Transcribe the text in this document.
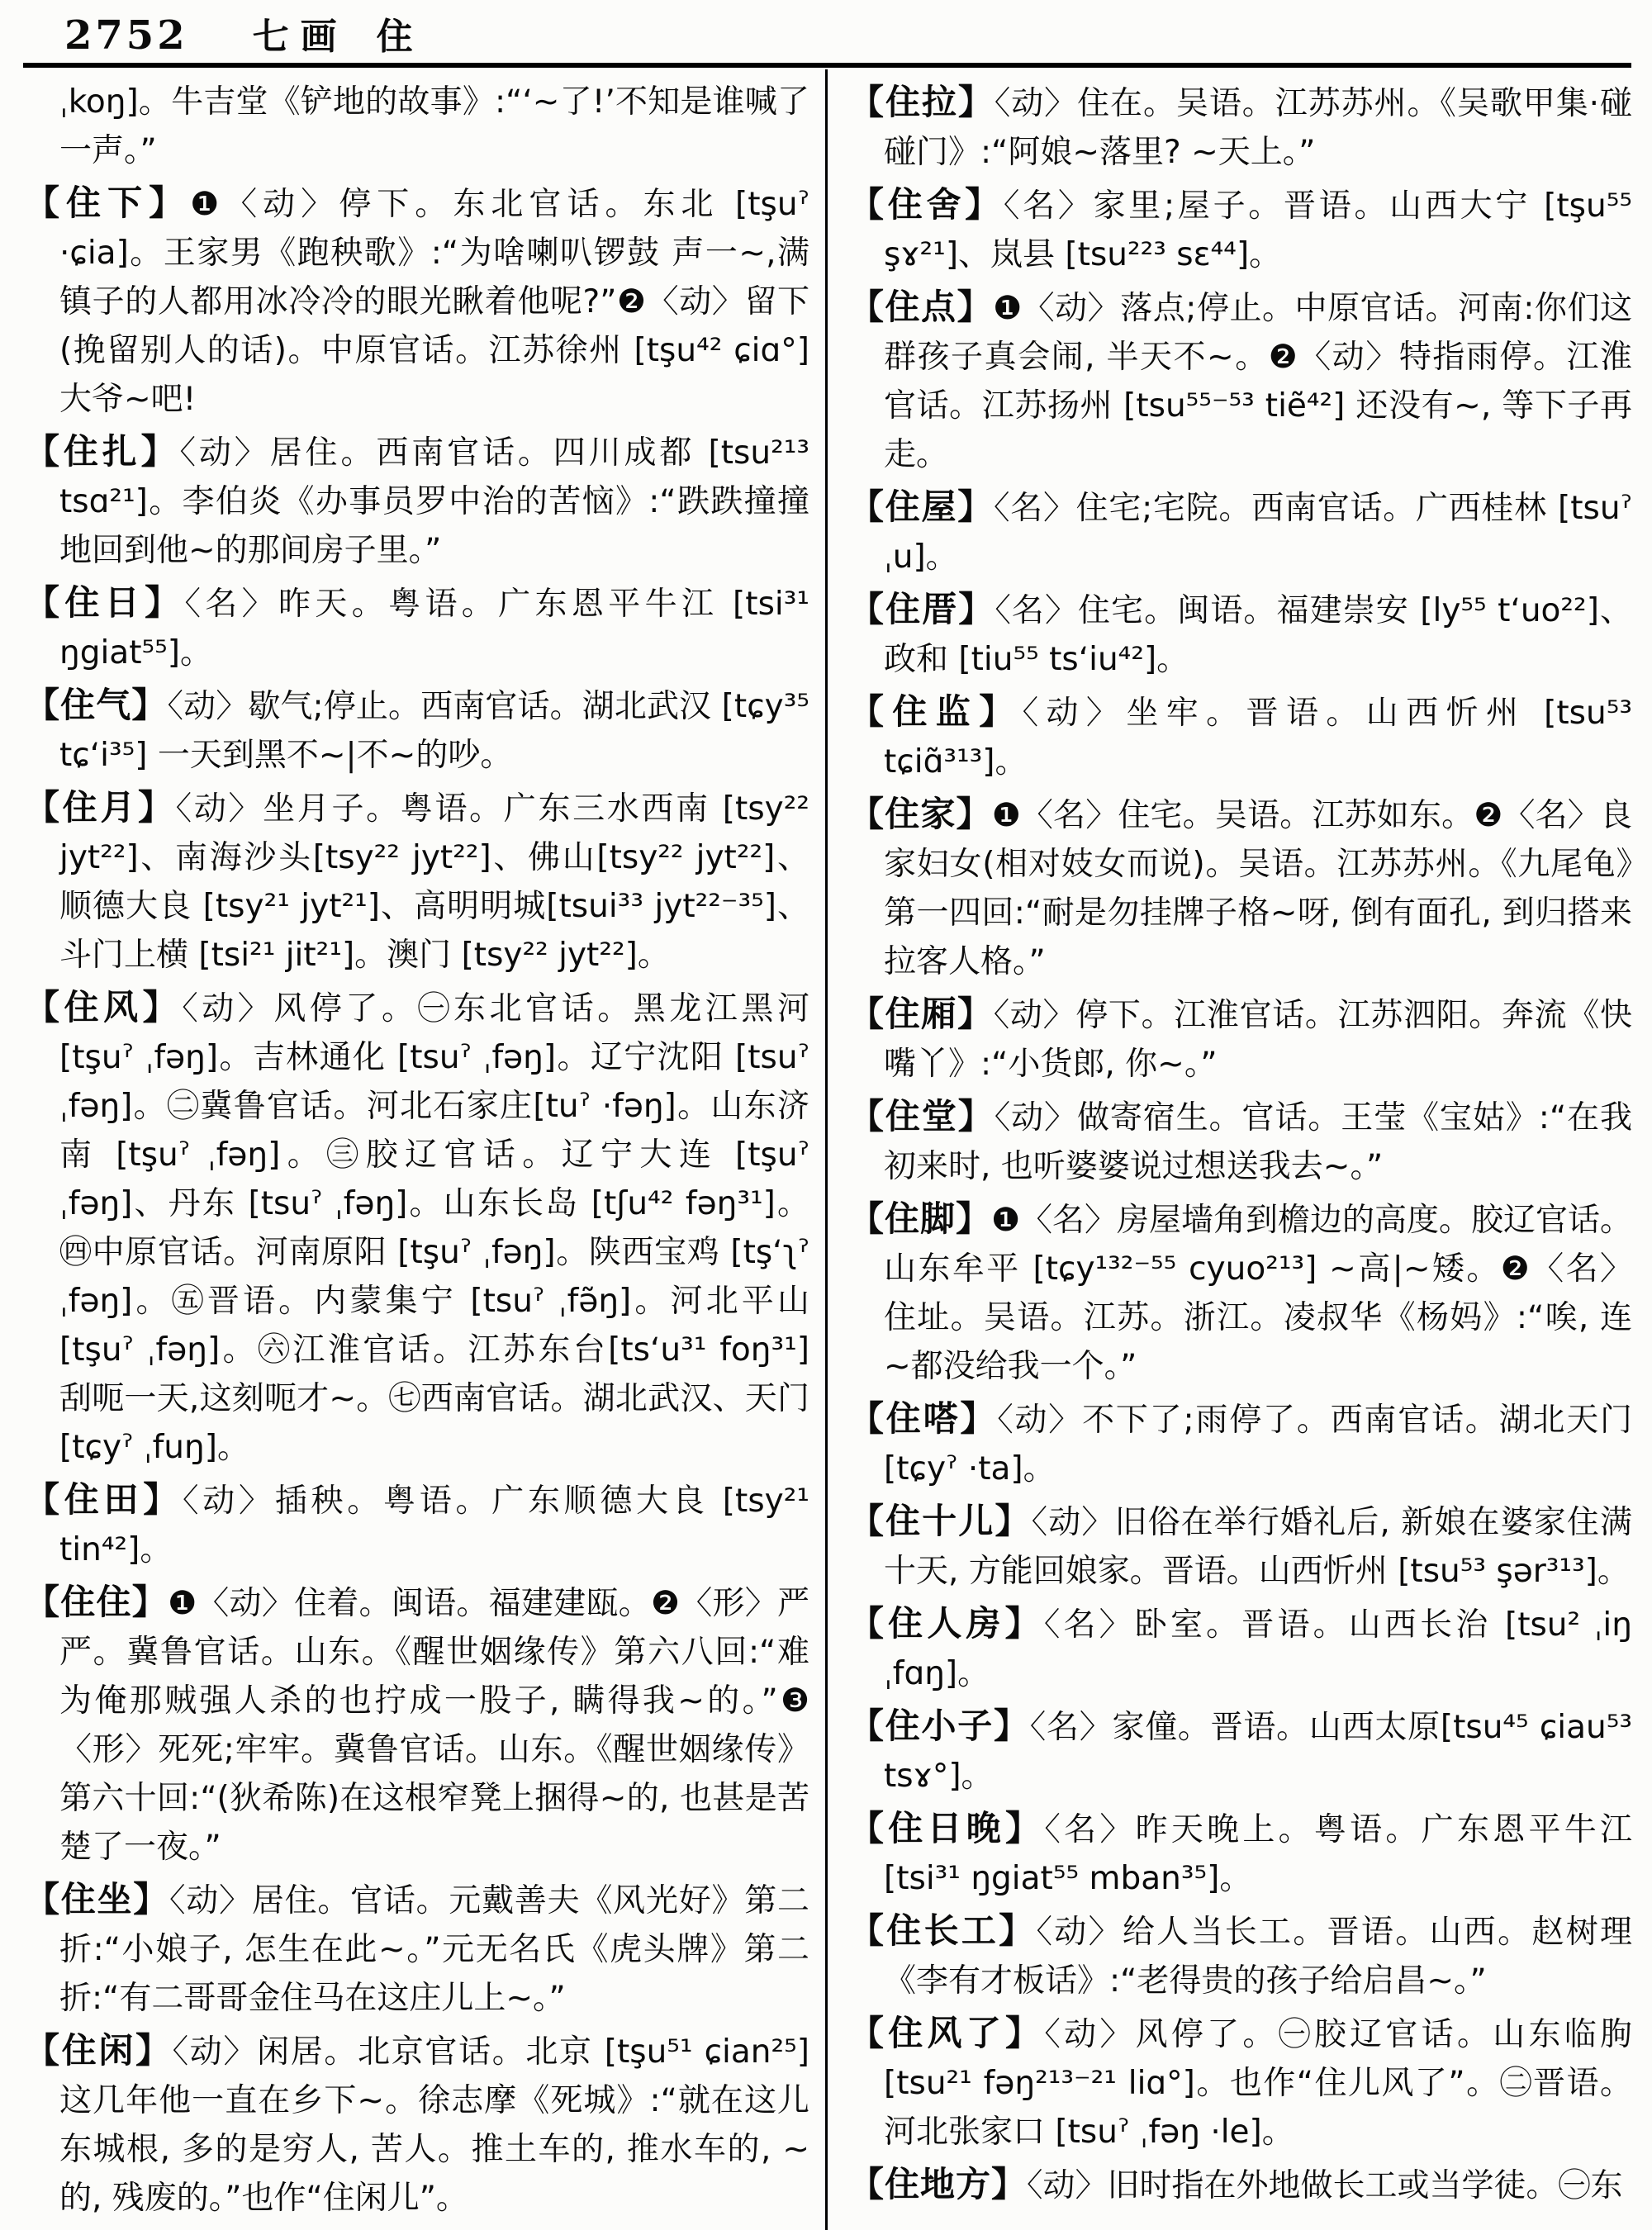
2752 七画 住

ˌkoŋ]。牛吉堂《铲地的故事》:“‘~了!’不知是谁喊了一声。”

【住下】❶〈动〉停下。东北官话。东北 [tşuˀ ·ɕia]。王家男《跑秧歌》:“为啥喇叭锣鼓 声一~,满镇子的人都用冰冷冷的眼光瞅着他呢?”❷〈动〉留下(挽留别人的话)。中原官话。江苏徐州 [tşu⁴² ɕiɑ°] 大爷~吧!

【住扎】〈动〉居住。西南官话。四川成都 [tsu²¹³ tsɑ²¹]。李伯炎《办事员罗中治的苦恼》:“跌跌撞撞地回到他~的那间房子里。”

【住日】〈名〉昨天。粤语。广东恩平牛江 [tsi³¹ ŋgiat⁵⁵]。

【住气】〈动〉歇气;停止。西南官话。湖北武汉 [tɕy³⁵ tɕ‘i³⁵] 一天到黑不~|不~的吵。

【住月】〈动〉坐月子。粤语。广东三水西南 [tsy²² jyt²²]、南海沙头[tsy²² jyt²²]、佛山[tsy²² jyt²²]、顺德大良 [tsy²¹ jyt²¹]、高明明城[tsui³³ jyt²²⁻³⁵]、斗门上横 [tsi²¹ jit²¹]。澳门 [tsy²² jyt²²]。

【住风】〈动〉风停了。㊀东北官话。黑龙江黑河 [tşuˀ ˌfəŋ]。吉林通化 [tsuˀ ˌfəŋ]。辽宁沈阳 [tsuˀ ˌfəŋ]。㊁冀鲁官话。河北石家庄[tuˀ ·fəŋ]。山东济南 [tşuˀ ˌfəŋ]。㊂胶辽官话。辽宁大连 [tşuˀ ˌfəŋ]、丹东 [tsuˀ ˌfəŋ]。山东长岛 [tʃu⁴² fəŋ³¹]。㊃中原官话。河南原阳 [tşuˀ ˌfəŋ]。陕西宝鸡 [tş‘ʅˀ ˌfəŋ]。㊄晋语。内蒙集宁 [tsuˀ ˌfə̃ŋ]。河北平山 [tşuˀ ˌfəŋ]。㊅江淮官话。江苏东台[ts‘u³¹ foŋ³¹] 刮呃一天,这刻呃才~。㊆西南官话。湖北武汉、天门 [tɕyˀ ˌfuŋ]。

【住田】〈动〉插秧。粤语。广东顺德大良 [tsy²¹ tin⁴²]。

【住住】❶〈动〉住着。闽语。福建建瓯。❷〈形〉严严。冀鲁官话。山东。《醒世姻缘传》第六八回:“难为俺那贼强人杀的也拧成一股子, 瞒得我~的。”❸〈形〉死死;牢牢。冀鲁官话。山东。《醒世姻缘传》第六十回:“(狄希陈)在这根窄凳上捆得~的, 也甚是苦楚了一夜。”

【住坐】〈动〉居住。官话。元戴善夫《风光好》第二折:“小娘子, 怎生在此~。”元无名氏《虎头牌》第二折:“有二哥哥金住马在这庄儿上~。”

【住闲】〈动〉闲居。北京官话。北京 [tşu⁵¹ ɕian²⁵] 这几年他一直在乡下~。徐志摩《死城》:“就在这儿东城根, 多的是穷人, 苦人。推土车的, 推水车的, ~的, 残废的。”也作“住闲儿”。

【住拉】〈动〉住在。吴语。江苏苏州。《吴歌甲集·碰碰门》:“阿娘~落里? ~天上。”

【住舍】〈名〉家里;屋子。晋语。山西大宁 [tşu⁵⁵ şɤ²¹]、岚县 [tsu²²³ sɛ⁴⁴]。

【住点】❶〈动〉落点;停止。中原官话。河南:你们这群孩子真会闹, 半天不~。❷〈动〉特指雨停。江淮官话。江苏扬州 [tsu⁵⁵⁻⁵³ tiẽ⁴²] 还没有~, 等下子再走。

【住屋】〈名〉住宅;宅院。西南官话。广西桂林 [tsuˀ ˌu]。

【住厝】〈名〉住宅。闽语。福建崇安 [ly⁵⁵ t‘uo²²]、政和 [tiu⁵⁵ ts‘iu⁴²]。

【住监】〈动〉坐牢。晋语。山西忻州 [tsu⁵³ tɕiɑ̃³¹³]。

【住家】❶〈名〉住宅。吴语。江苏如东。❷〈名〉良家妇女(相对妓女而说)。吴语。江苏苏州。《九尾龟》第一四回:“耐是勿挂牌子格~呀, 倒有面孔, 到归搭来拉客人格。”

【住厢】〈动〉停下。江淮官话。江苏泗阳。奔流《快嘴丫》:“小货郎, 你~。”

【住堂】〈动〉做寄宿生。官话。王莹《宝姑》:“在我初来时, 也听婆婆说过想送我去~。”

【住脚】❶〈名〉房屋墙角到檐边的高度。胶辽官话。山东牟平 [tɕy¹³²⁻⁵⁵ cyuo²¹³] ~高|~矮。❷〈名〉住址。吴语。江苏。浙江。凌叔华《杨妈》:“唉, 连~都没给我一个。”

【住嗒】〈动〉不下了;雨停了。西南官话。湖北天门 [tɕyˀ ·ta]。

【住十儿】〈动〉旧俗在举行婚礼后, 新娘在婆家住满十天, 方能回娘家。晋语。山西忻州 [tsu⁵³ şər³¹³]。

【住人房】〈名〉卧室。晋语。山西长治 [tsu² ˌiŋ ˌfɑŋ]。

【住小子】〈名〉家僮。晋语。山西太原[tsu⁴⁵ ɕiau⁵³ tsɤ°]。

【住日晚】〈名〉昨天晚上。粤语。广东恩平牛江 [tsi³¹ ŋgiat⁵⁵ mban³⁵]。

【住长工】〈动〉给人当长工。晋语。山西。赵树理《李有才板话》:“老得贵的孩子给启昌~。”

【住风了】〈动〉风停了。㊀胶辽官话。山东临朐[tsu²¹ fəŋ²¹³⁻²¹ liɑ°]。也作“住儿风了”。㊁晋语。河北张家口 [tsuˀ ˌfəŋ ·le]。

【住地方】〈动〉旧时指在外地做长工或当学徒。㊀东
